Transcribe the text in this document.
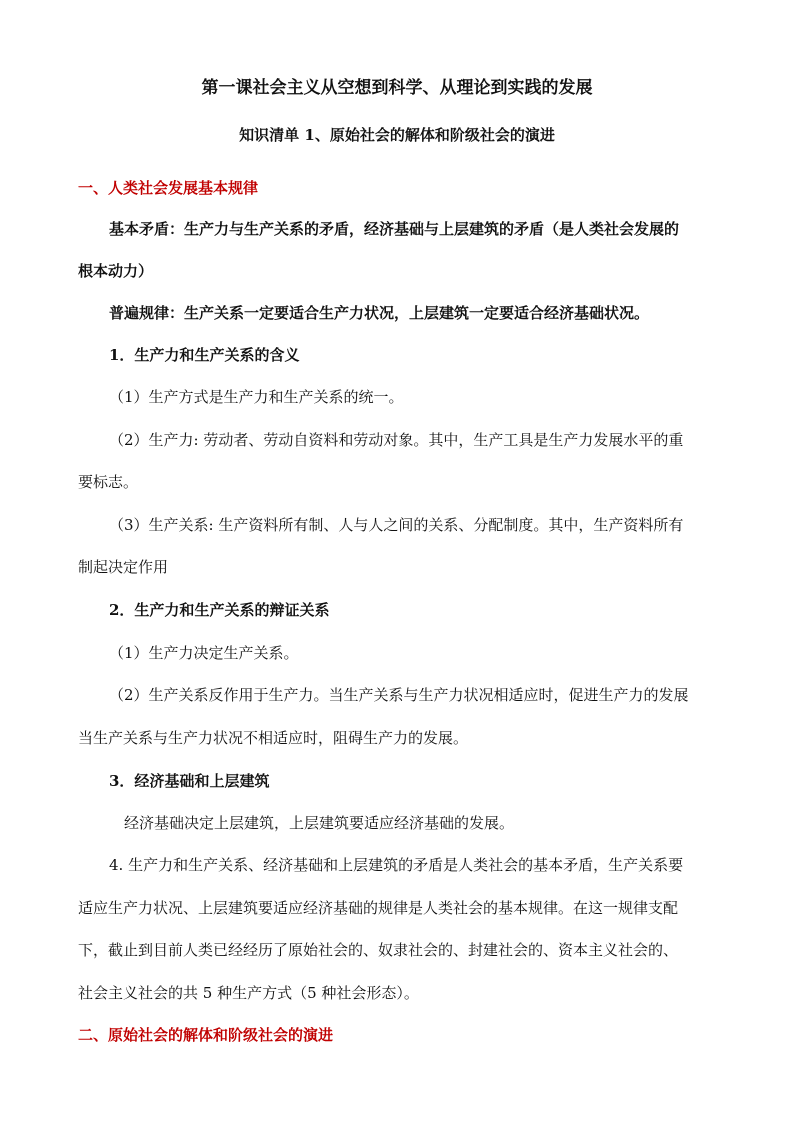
第一课社会主义从空想到科学、从理论到实践的发展
知识清单 1、原始社会的解体和阶级社会的演进
一、人类社会发展基本规律
基本矛盾：生产力与生产关系的矛盾，经济基础与上层建筑的矛盾（是人类社会发展的
根本动力）
普遍规律：生产关系一定要适合生产力状况，上层建筑一定要适合经济基础状况。
1．生产力和生产关系的含义
（1）生产方式是生产力和生产关系的统一。
（2）生产力: 劳动者、劳动自资料和劳动对象。其中，生产工具是生产力发展水平的重
要标志。
（3）生产关系: 生产资料所有制、人与人之间的关系、分配制度。其中，生产资料所有
制起决定作用
2．生产力和生产关系的辩证关系
（1）生产力决定生产关系。
（2）生产关系反作用于生产力。当生产关系与生产力状况相适应时，促进生产力的发展
当生产关系与生产力状况不相适应时，阻碍生产力的发展。
3．经济基础和上层建筑
经济基础决定上层建筑，上层建筑要适应经济基础的发展。
4. 生产力和生产关系、经济基础和上层建筑的矛盾是人类社会的基本矛盾，生产关系要
适应生产力状况、上层建筑要适应经济基础的规律是人类社会的基本规律。在这一规律支配
下，截止到目前人类已经经历了原始社会的、奴隶社会的、封建社会的、资本主义社会的、
社会主义社会的共 5 种生产方式（5 种社会形态）。
二、原始社会的解体和阶级社会的演进
